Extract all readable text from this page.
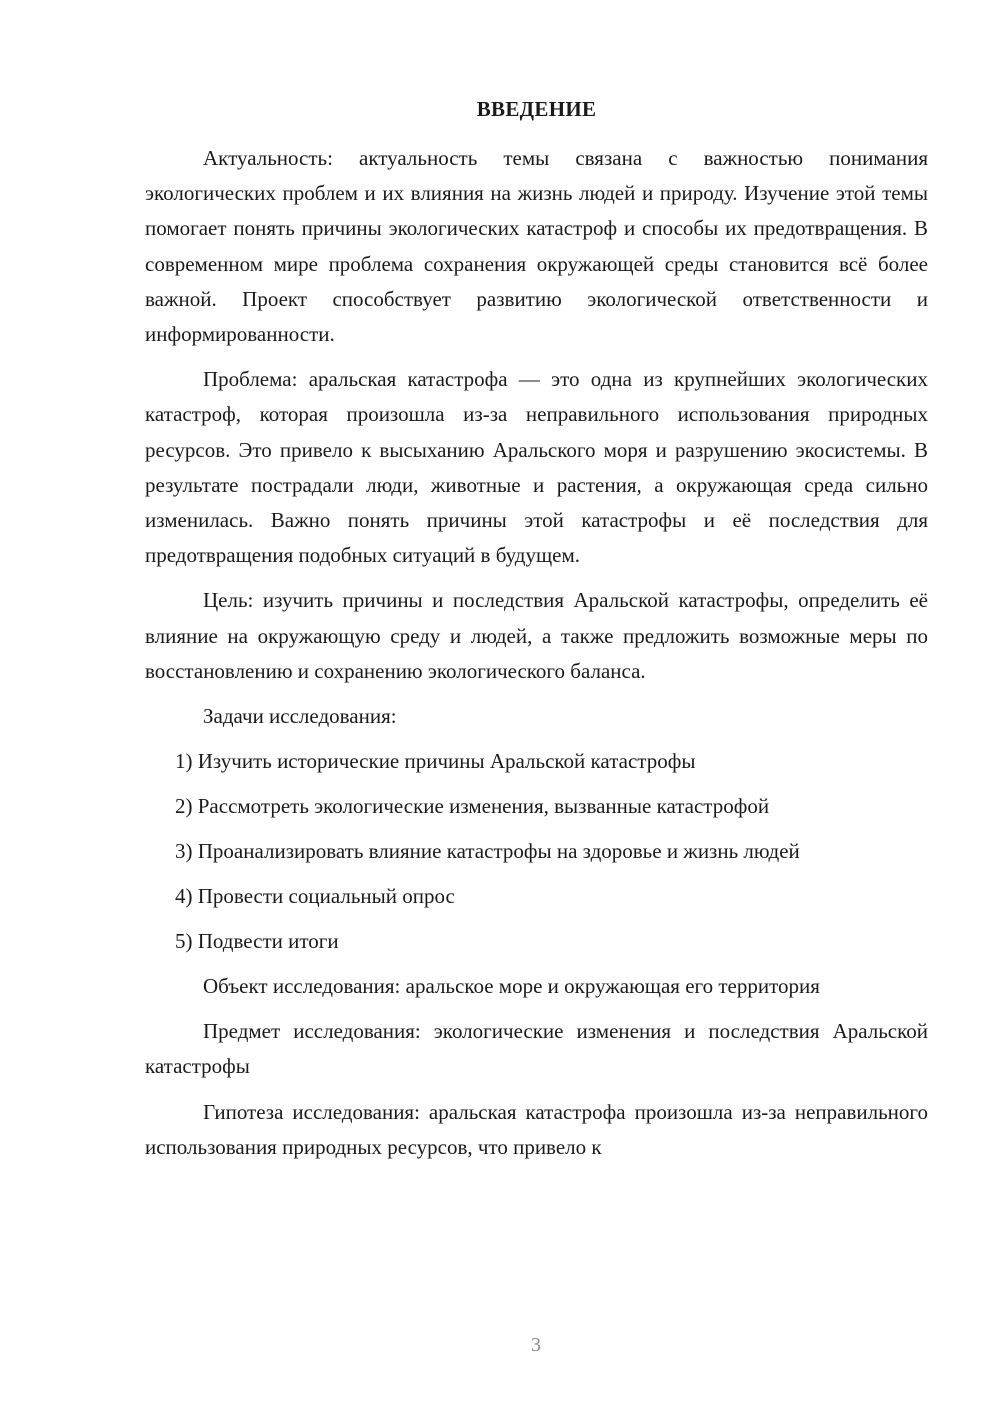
ВВЕДЕНИЕ

Актуальность: актуальность темы связана с важностью понимания экологических проблем и их влияния на жизнь людей и природу. Изучение этой темы помогает понять причины экологических катастроф и способы их предотвращения. В современном мире проблема сохранения окружающей среды становится всё более важной. Проект способствует развитию экологической ответственности и информированности.

Проблема: аральская катастрофа — это одна из крупнейших экологических катастроф, которая произошла из-за неправильного использования природных ресурсов. Это привело к высыханию Аральского моря и разрушению экосистемы. В результате пострадали люди, животные и растения, а окружающая среда сильно изменилась. Важно понять причины этой катастрофы и её последствия для предотвращения подобных ситуаций в будущем.

Цель: изучить причины и последствия Аральской катастрофы, определить её влияние на окружающую среду и людей, а также предложить возможные меры по восстановлению и сохранению экологического баланса.

Задачи исследования:

1) Изучить исторические причины Аральской катастрофы
2) Рассмотреть экологические изменения, вызванные катастрофой
3) Проанализировать влияние катастрофы на здоровье и жизнь людей
4) Провести социальный опрос
5) Подвести итоги

Объект исследования: аральское море и окружающая его территория

Предмет исследования: экологические изменения и последствия Аральской катастрофы

Гипотеза исследования: аральская катастрофа произошла из-за неправильного использования природных ресурсов, что привело к

3
